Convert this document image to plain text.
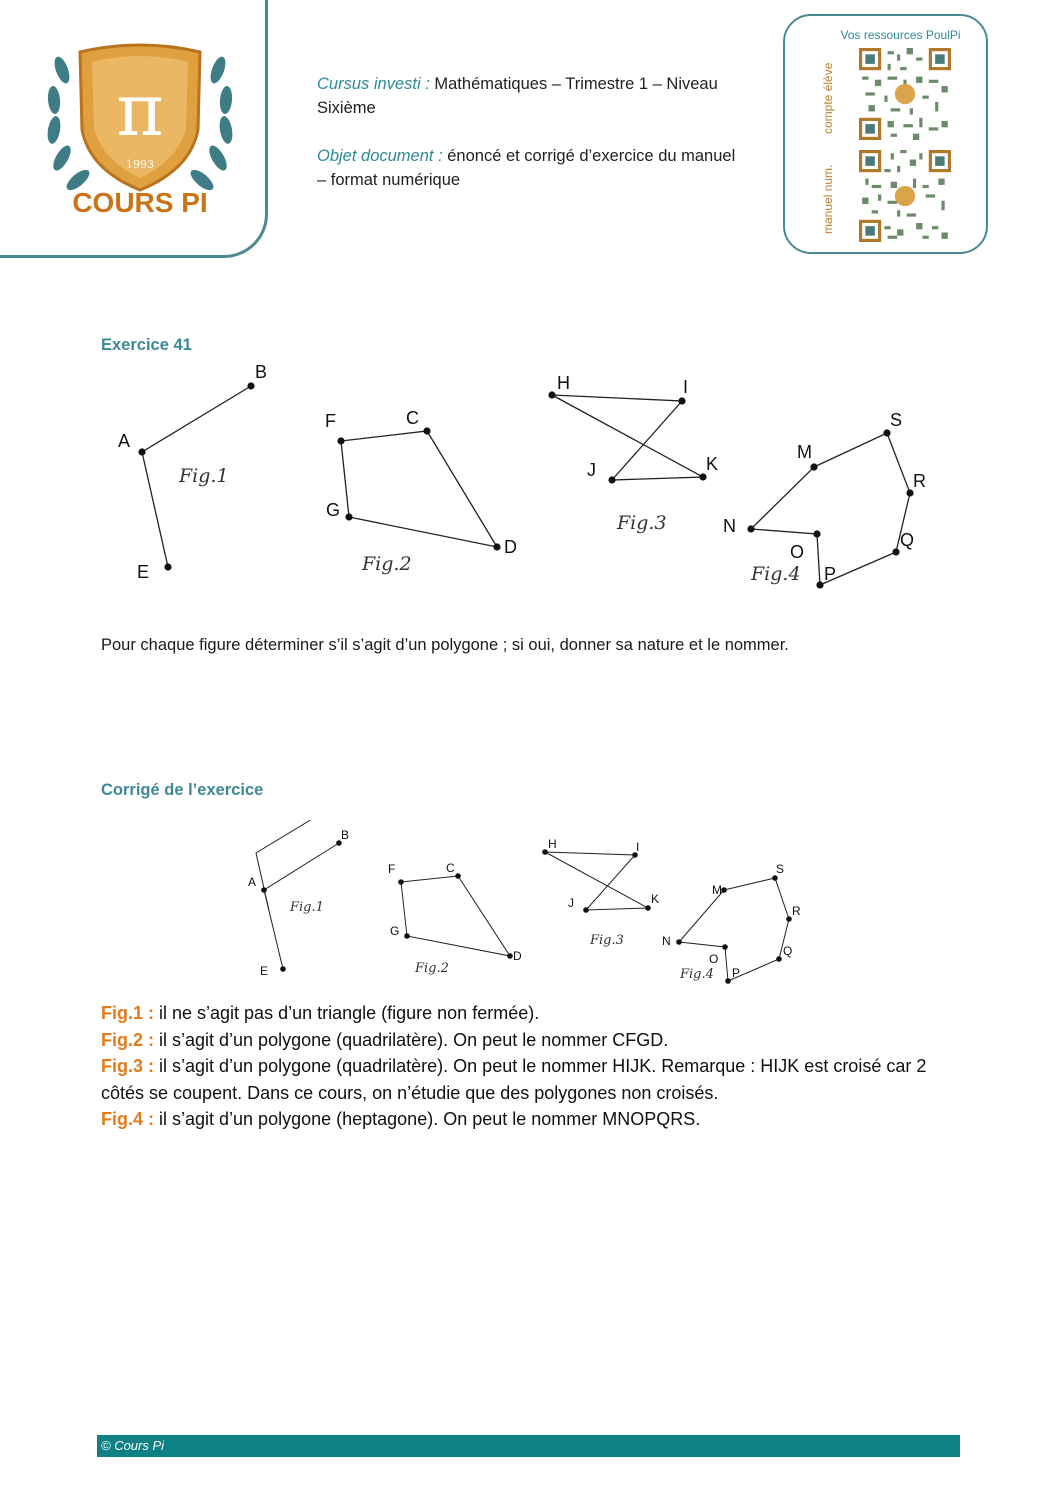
π
1993
COURS PI

Cursus investi : Mathématiques – Trimestre 1 – Niveau Sixième

Objet document : énoncé et corrigé d’exercice du manuel – format numérique

Vos ressources PoulPi
compte élève
manuel num.
Exercice 41
B
A
E
F	C
G
D
H	I
J	K
M
S
R
N
O
Q
P
Fig.1
Fig.2
Fig.3
Fig.4
Pour chaque figure déterminer s’il s’agit d’un polygone ; si oui, donner sa nature et le nommer.
Corrigé de l’exercice
B
A
E
F	C
G
D
H	I
J	K
M
S
R
N
O
Q
P
Fig.1
Fig.2
Fig.3
Fig.4

Fig.1 : il ne s’agit pas d’un triangle (figure non fermée).

Fig.2 : il s’agit d’un polygone (quadrilatère). On peut le nommer CFGD.

Fig.3 : il s’agit d’un polygone (quadrilatère). On peut le nommer HIJK. Remarque : HIJK est croisé car 2 côtés se coupent. Dans ce cours, on n’étudie que des polygones non croisés.

Fig.4 : il s’agit d’un polygone (heptagone). On peut le nommer MNOPQRS.

© Cours Pi
